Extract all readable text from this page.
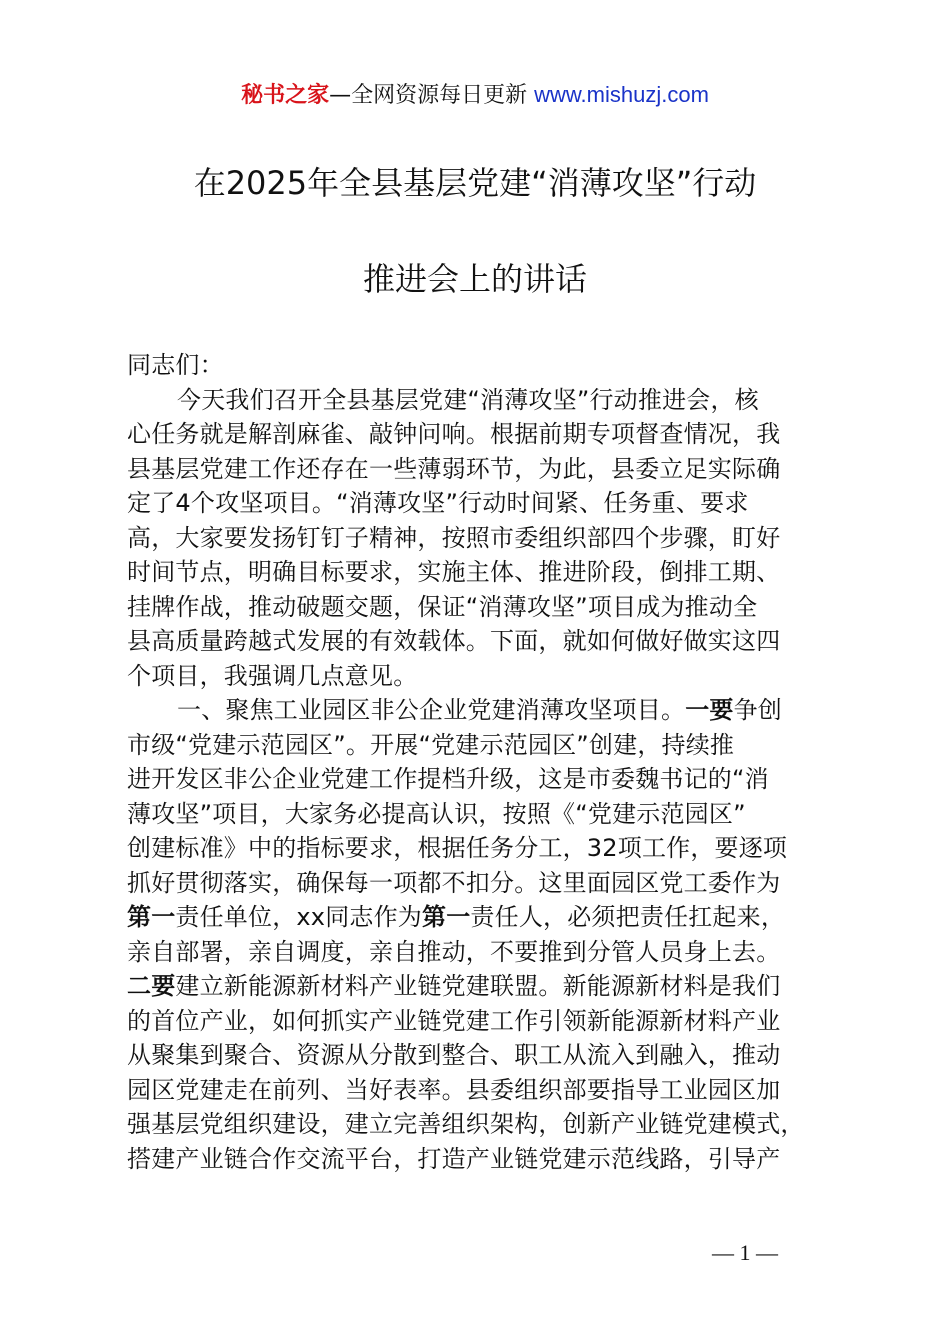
秘书之家—全网资源每日更新 www.mishuzj.com
在2025年全县基层党建“消薄攻坚”行动
推进会上的讲话
同志们：
今天我们召开全县基层党建“消薄攻坚”行动推进会，核
心任务就是解剖麻雀、敲钟问响。根据前期专项督查情况，我
县基层党建工作还存在一些薄弱环节，为此，县委立足实际确
定了4个攻坚项目。“消薄攻坚”行动时间紧、任务重、要求
高，大家要发扬钉钉子精神，按照市委组织部四个步骤，盯好
时间节点，明确目标要求，实施主体、推进阶段，倒排工期、
挂牌作战，推动破题交题，保证“消薄攻坚”项目成为推动全
县高质量跨越式发展的有效载体。下面，就如何做好做实这四
个项目，我强调几点意见。
一、聚焦工业园区非公企业党建消薄攻坚项目。一要争创
市级“党建示范园区”。开展“党建示范园区”创建，持续推
进开发区非公企业党建工作提档升级，这是市委魏书记的“消
薄攻坚”项目，大家务必提高认识，按照《“党建示范园区”
创建标准》中的指标要求，根据任务分工，32项工作，要逐项
抓好贯彻落实，确保每一项都不扣分。这里面园区党工委作为
第一责任单位，xx同志作为第一责任人，必须把责任扛起来，
亲自部署，亲自调度，亲自推动，不要推到分管人员身上去。
二要建立新能源新材料产业链党建联盟。新能源新材料是我们
的首位产业，如何抓实产业链党建工作引领新能源新材料产业
从聚集到聚合、资源从分散到整合、职工从流入到融入，推动
园区党建走在前列、当好表率。县委组织部要指导工业园区加
强基层党组织建设，建立完善组织架构，创新产业链党建模式，
搭建产业链合作交流平台，打造产业链党建示范线路，引导产
— 1 —
